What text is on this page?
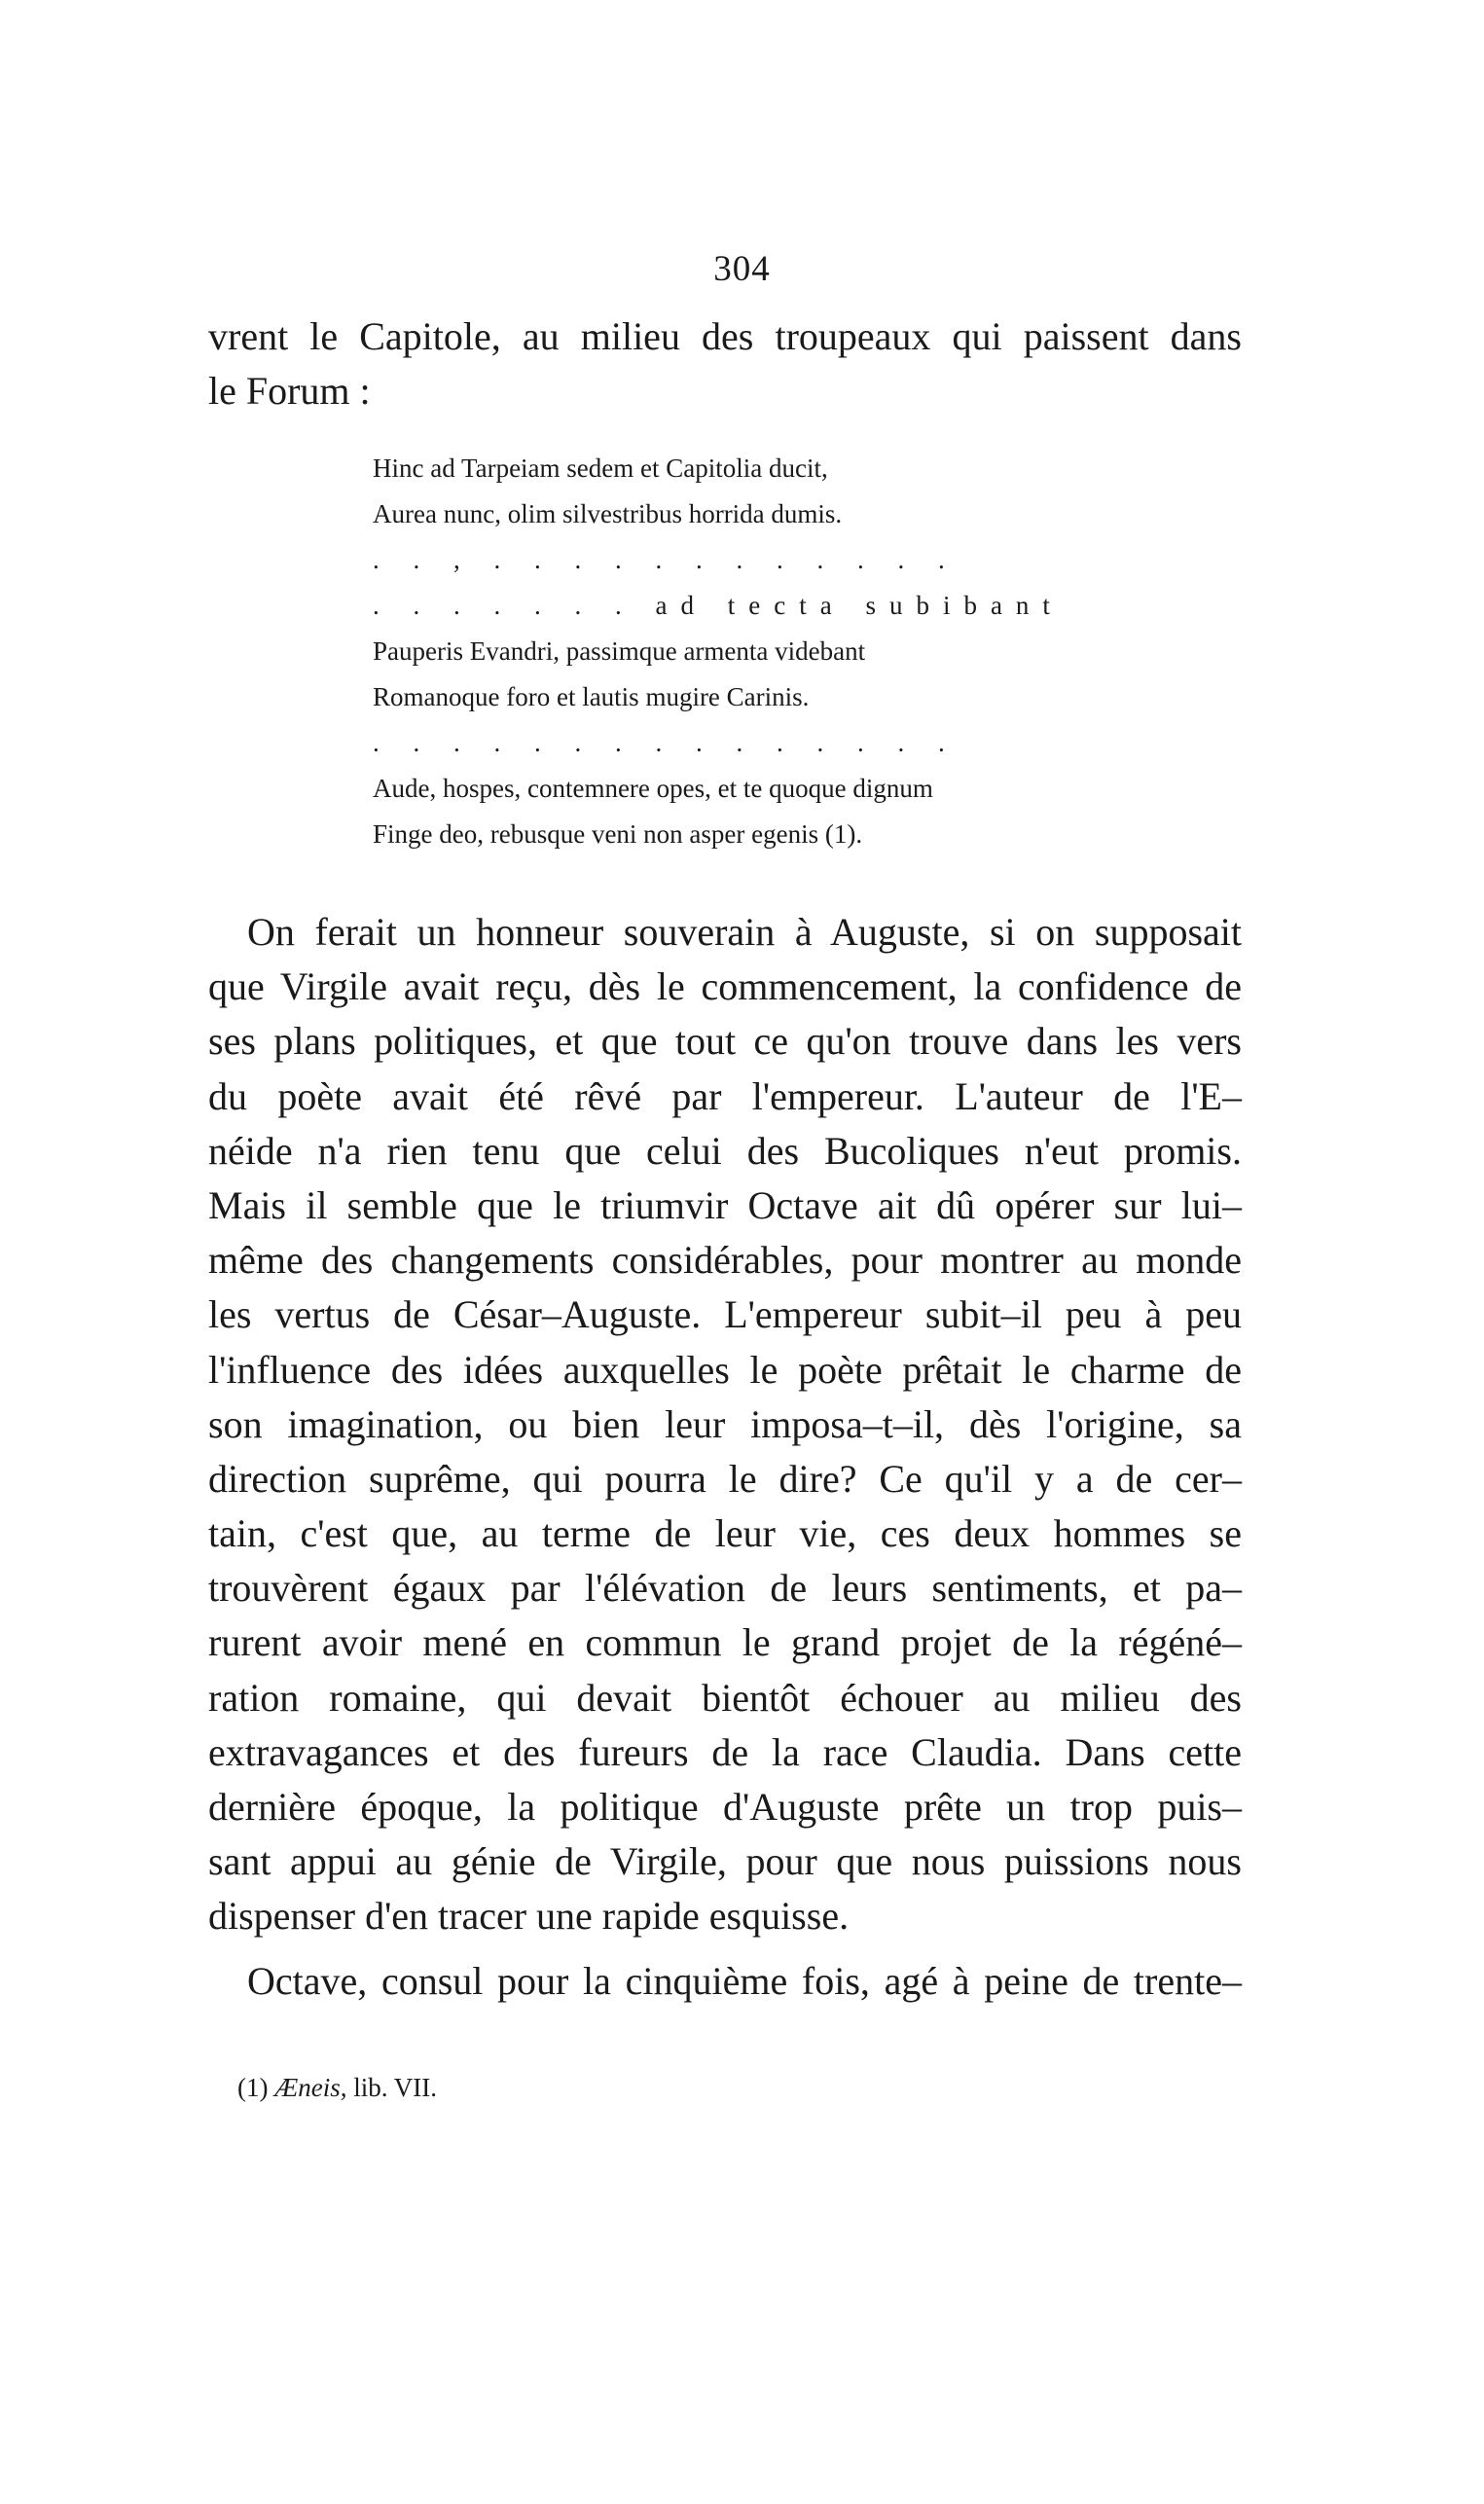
304
vrent le Capitole, au milieu des troupeaux qui paissent dans
le Forum :
Hinc ad Tarpeiam sedem et Capitolia ducit,
Aurea nunc, olim silvestribus horrida dumis.
. . , . . . . . . . . . . . .
. . . . . . . ad tecta subibant
Pauperis Evandri, passimque armenta videbant
Romanoque foro et lautis mugire Carinis.
. . . . . . . . . . . . . . .
Aude, hospes, contemnere opes, et te quoque dignum
Finge deo, rebusque veni non asper egenis (1).
On ferait un honneur souverain à Auguste, si on supposait
que Virgile avait reçu, dès le commencement, la confidence de
ses plans politiques, et que tout ce qu'on trouve dans les vers
du poète avait été rêvé par l'empereur. L'auteur de l'E–
néide n'a rien tenu que celui des Bucoliques n'eut promis.
Mais il semble que le triumvir Octave ait dû opérer sur lui–
même des changements considérables, pour montrer au monde
les vertus de César–Auguste. L'empereur subit–il peu à peu
l'influence des idées auxquelles le poète prêtait le charme de
son imagination, ou bien leur imposa–t–il, dès l'origine, sa
direction suprême, qui pourra le dire? Ce qu'il y a de cer–
tain, c'est que, au terme de leur vie, ces deux hommes se
trouvèrent égaux par l'élévation de leurs sentiments, et pa–
rurent avoir mené en commun le grand projet de la régéné–
ration romaine, qui devait bientôt échouer au milieu des
extravagances et des fureurs de la race Claudia. Dans cette
dernière époque, la politique d'Auguste prête un trop puis–
sant appui au génie de Virgile, pour que nous puissions nous
dispenser d'en tracer une rapide esquisse.
Octave, consul pour la cinquième fois, agé à peine de trente–
(1) Æneis, lib. VII.
